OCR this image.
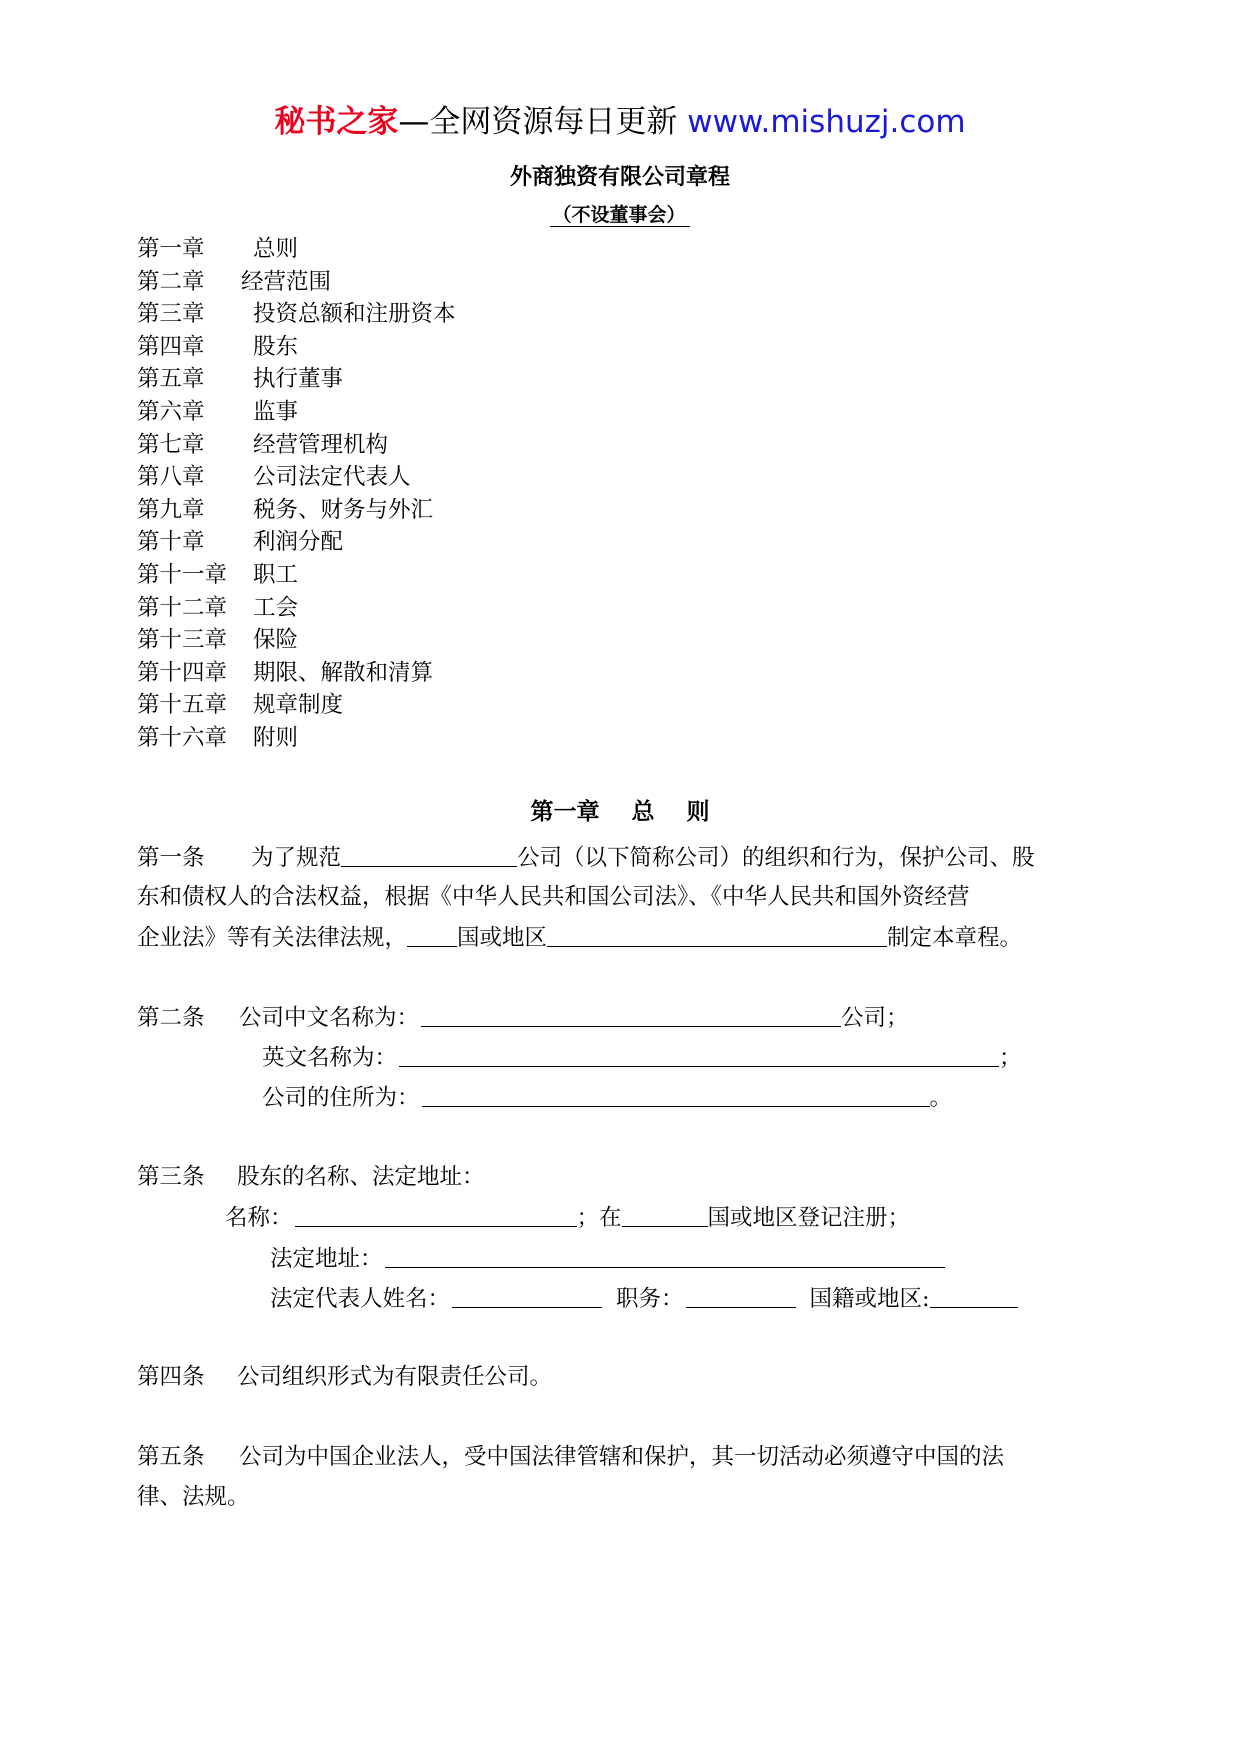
秘书之家—全网资源每日更新 www.mishuzj.com
外商独资有限公司章程
（不设董事会）
第一章 总则
第二章 经营范围
第三章 投资总额和注册资本
第四章 股东
第五章 执行董事
第六章 监事
第七章 经营管理机构
第八章 公司法定代表人
第九章 税务、财务与外汇
第十章 利润分配
第十一章 职工
第十二章 工会
第十三章 保险
第十四章 期限、解散和清算
第十五章 规章制度
第十六章 附则
第一章    总    则
第一条 为了规范	公司（以下简称公司）的组织和行为，保护公司、股
东和债权人的合法权益，根据《中华人民共和国公司法》、《中华人民共和国外资经营
企业法》等有关法律法规， 国或地区	制定本章程。
第二条 公司中文名称为：	公司；
英文名称为：	；
公司的住所为：	。
第三条 股东的名称、法定地址：
名称：	；在	国或地区登记注册；
法定地址：
法定代表人姓名：	职务：	国籍或地区:
第四条 公司组织形式为有限责任公司。
第五条 公司为中国企业法人，受中国法律管辖和保护，其一切活动必须遵守中国的法
律、法规。
